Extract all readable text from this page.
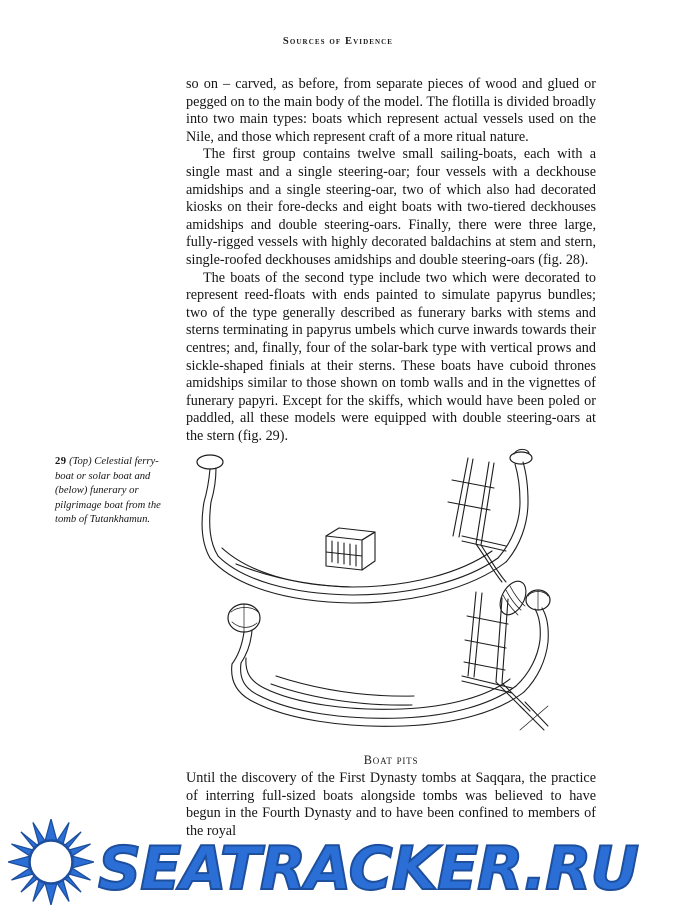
Sources of Evidence

so on – carved, as before, from separate pieces of wood and glued or pegged on to the main body of the model. The flotilla is divided broadly into two main types: boats which represent actual vessels used on the Nile, and those which represent craft of a more ritual nature.

The first group contains twelve small sailing-boats, each with a single mast and a single steering-oar; four vessels with a deckhouse amidships and a single steering-oar, two of which also had decorated kiosks on their fore-decks and eight boats with two-tiered deckhouses amidships and double steering-oars. Finally, there were three large, fully-rigged vessels with highly decorated baldachins at stem and stern, single-roofed deckhouses amidships and double steering-oars (fig. 28).

The boats of the second type include two which were decorated to represent reed-floats with ends painted to simulate papyrus bundles; two of the type generally described as funerary barks with stems and sterns terminating in papyrus umbels which curve inwards towards their centres; and, finally, four of the solar-bark type with vertical prows and sickle-shaped finials at their sterns. These boats have cuboid thrones amidships similar to those shown on tomb walls and in the vignettes of funerary papyri. Except for the skiffs, which would have been poled or paddled, all these models were equipped with double steering-oars at the stern (fig. 29).

29 (Top) Celestial ferry-boat or solar boat and (below) funerary or pilgrimage boat from the tomb of Tutankhamun.
Boat pits

Until the discovery of the First Dynasty tombs at Saqqara, the practice of interring full-sized boats alongside tombs was believed to have begun in the Fourth Dynasty and to have been confined to members of the royal

SEATRACKER.RU
